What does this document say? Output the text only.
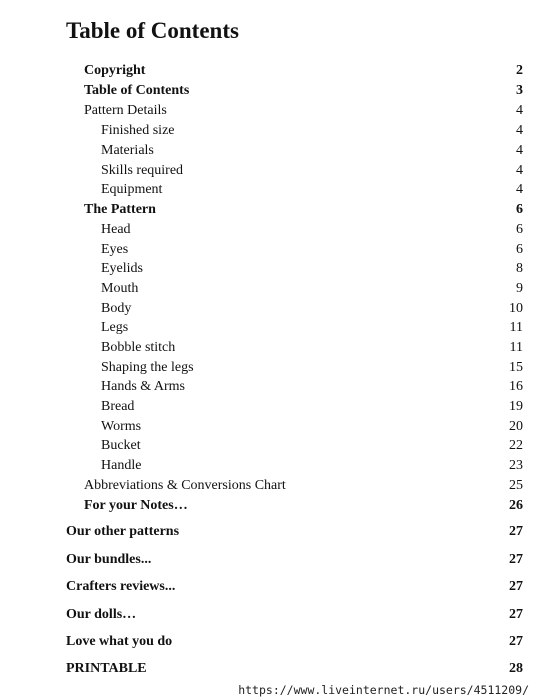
Table of Contents
Copyright	2
Table of Contents	3
Pattern Details	4
Finished size	4
Materials	4
Skills required	4
Equipment	4
The Pattern	6
Head	6
Eyes	6
Eyelids	8
Mouth	9
Body	10
Legs	11
Bobble stitch	11
Shaping the legs	15
Hands & Arms	16
Bread	19
Worms	20
Bucket	22
Handle	23
Abbreviations & Conversions Chart	25
For your Notes…	26
Our other patterns	27
Our bundles...	27
Crafters reviews...	27
Our dolls…	27
Love what you do	27
PRINTABLE	28
https://www.liveinternet.ru/users/4511209/
